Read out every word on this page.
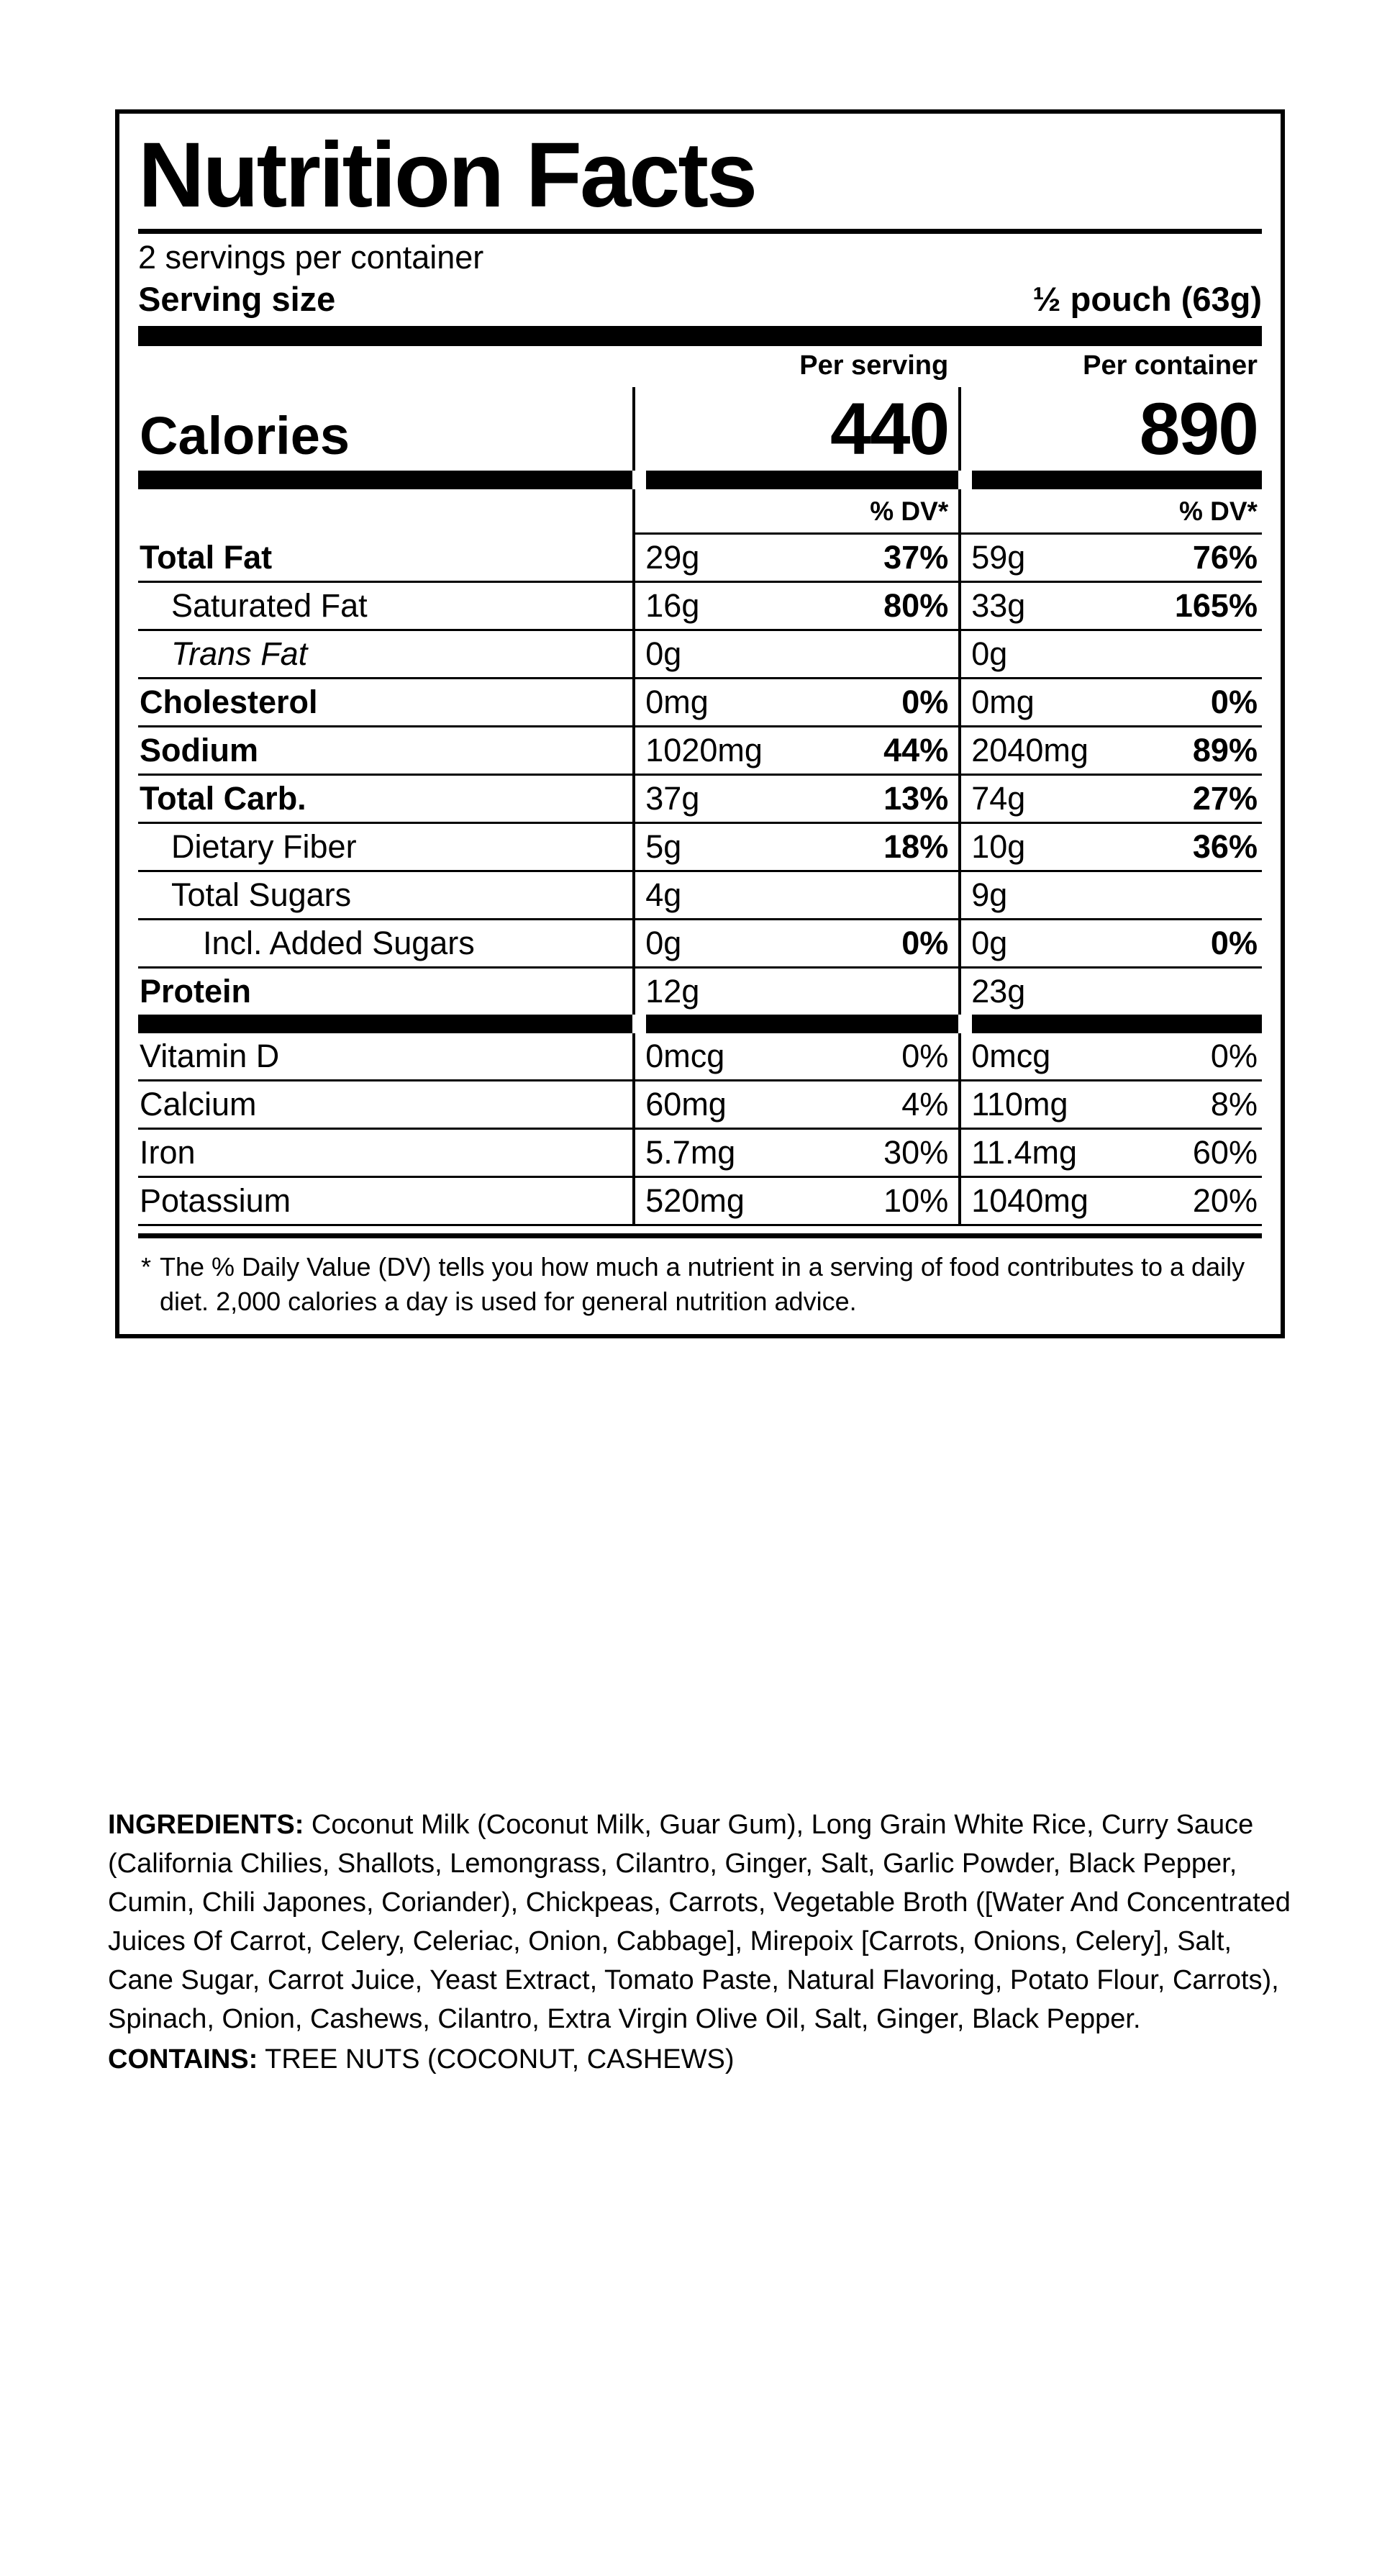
Nutrition Facts
2 servings per container
Serving size	½ pouch (63g)
Per serving	Per container
Calories	440	890
% DV*	% DV*
Total Fat	29g	37% 59g	76%
Saturated Fat	16g	80% 33g	165%
Trans Fat	0g	0g
Cholesterol	0mg	0% 0mg	0%
Sodium	1020mg	44% 2040mg	89%
Total Carb.	37g	13% 74g	27%
Dietary Fiber	5g	18% 10g	36%
Total Sugars	4g	9g
Incl. Added Sugars	0g	0% 0g	0%
Protein	12g	23g
Vitamin D	0mcg	0% 0mcg	0%
Calcium	60mg	4% 110mg	8%
Iron	5.7mg	30% 11.4mg	60%
Potassium	520mg	10% 1040mg	20%
* The % Daily Value (DV) tells you how much a nutrient in a serving of food contributes to a daily diet. 2,000 calories a day is used for general nutrition advice.
INGREDIENTS: Coconut Milk (Coconut Milk, Guar Gum), Long Grain White Rice, Curry Sauce (California Chilies, Shallots, Lemongrass, Cilantro, Ginger, Salt, Garlic Powder, Black Pepper, Cumin, Chili Japones, Coriander), Chickpeas, Carrots, Vegetable Broth ([Water And Concentrated Juices Of Carrot, Celery, Celeriac, Onion, Cabbage], Mirepoix [Carrots, Onions, Celery], Salt, Cane Sugar, Carrot Juice, Yeast Extract, Tomato Paste, Natural Flavoring, Potato Flour, Carrots), Spinach, Onion, Cashews, Cilantro, Extra Virgin Olive Oil, Salt, Ginger, Black Pepper.
CONTAINS: TREE NUTS (COCONUT, CASHEWS)
